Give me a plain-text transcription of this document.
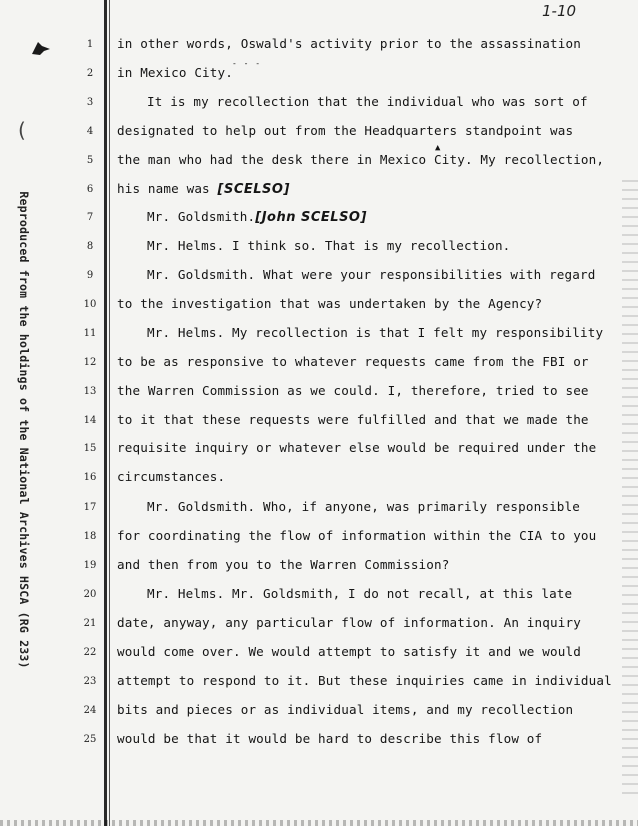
1-10
(
Reproduced from the holdings of the National Archives HSCA (RG 233)
- - -
▲
1
2
3
4
5
6
7
8
9
10
11
12
13
14
15
16
17
18
19
20
21
22
23
24
25
in other words, Oswald's activity prior to the assassination
in Mexico City.
It is my recollection that the individual who was sort of
designated to help out from the Headquarters standpoint was
the man who had the desk there in Mexico City. My recollection,
his name was [SCELSO]
Mr. Goldsmith.[John SCELSO]
Mr. Helms. I think so. That is my recollection.
Mr. Goldsmith. What were your responsibilities with regard
to the investigation that was undertaken by the Agency?
Mr. Helms. My recollection is that I felt my responsibility
to be as responsive to whatever requests came from the FBI or
the Warren Commission as we could. I, therefore, tried to see
to it that these requests were fulfilled and that we made the
requisite inquiry or whatever else would be required under the
circumstances.
Mr. Goldsmith. Who, if anyone, was primarily responsible
for coordinating the flow of information within the CIA to you
and then from you to the Warren Commission?
Mr. Helms. Mr. Goldsmith, I do not recall, at this late
date, anyway, any particular flow of information. An inquiry
would come over. We would attempt to satisfy it and we would
attempt to respond to it. But these inquiries came in individual
bits and pieces or as individual items, and my recollection
would be that it would be hard to describe this flow of
